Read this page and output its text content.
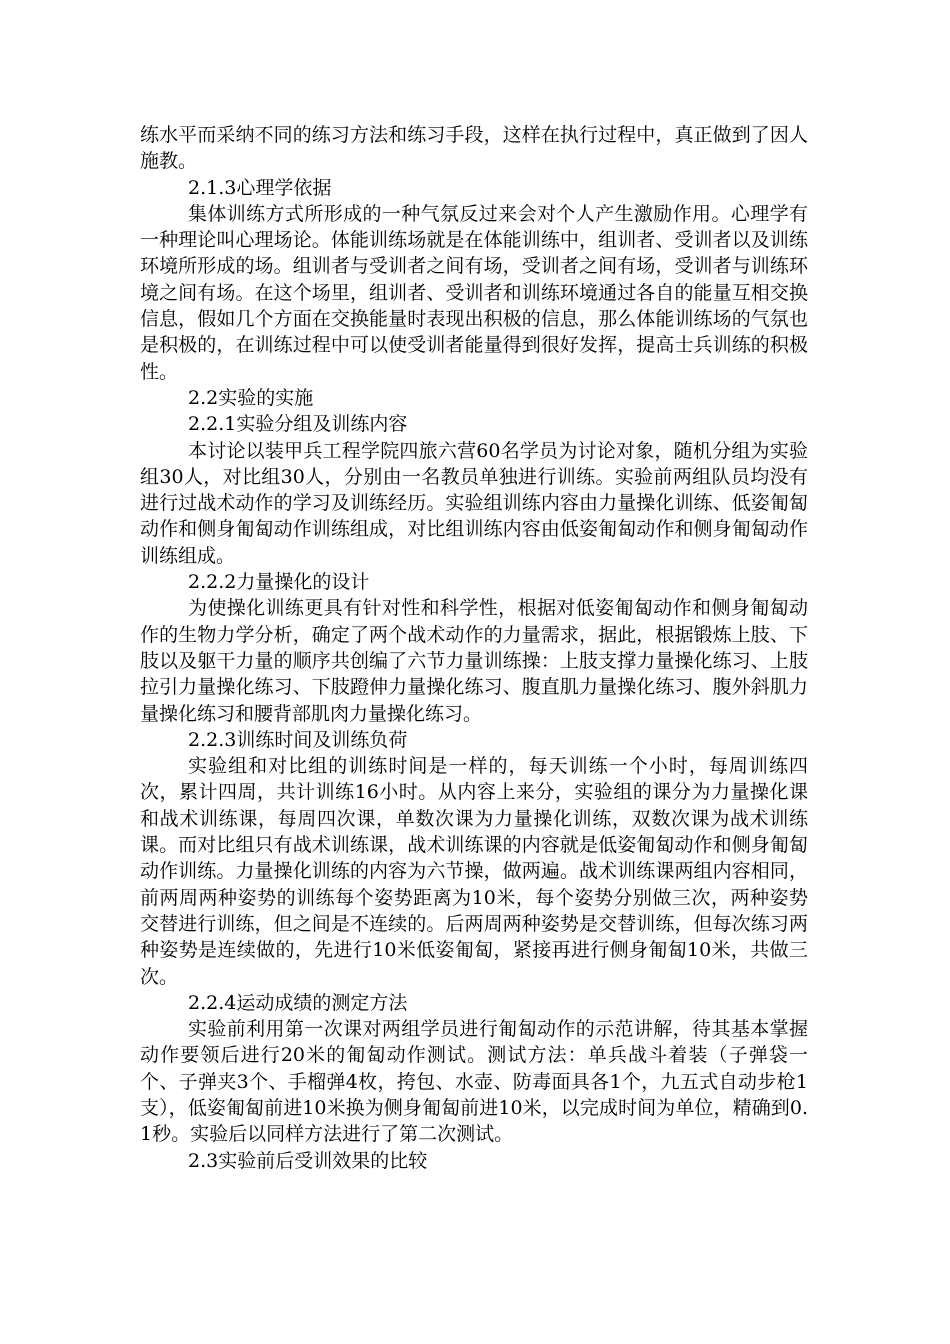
练水平而采纳不同的练习方法和练习手段，这样在执行过程中，真正做到了因人施教。

2.1.3心理学依据

集体训练方式所形成的一种气氛反过来会对个人产生激励作用。心理学有一种理论叫心理场论。体能训练场就是在体能训练中，组训者、受训者以及训练环境所形成的场。组训者与受训者之间有场，受训者之间有场，受训者与训练环境之间有场。在这个场里，组训者、受训者和训练环境通过各自的能量互相交换信息，假如几个方面在交换能量时表现出积极的信息，那么体能训练场的气氛也是积极的，在训练过程中可以使受训者能量得到很好发挥，提高士兵训练的积极性。

2.2实验的实施

2.2.1实验分组及训练内容

本讨论以装甲兵工程学院四旅六营60名学员为讨论对象，随机分组为实验组30人，对比组30人，分别由一名教员单独进行训练。实验前两组队员均没有进行过战术动作的学习及训练经历。实验组训练内容由力量操化训练、低姿匍匐动作和侧身匍匐动作训练组成，对比组训练内容由低姿匍匐动作和侧身匍匐动作训练组成。

2.2.2力量操化的设计

为使操化训练更具有针对性和科学性，根据对低姿匍匐动作和侧身匍匐动作的生物力学分析，确定了两个战术动作的力量需求，据此，根据锻炼上肢、下肢以及躯干力量的顺序共创编了六节力量训练操：上肢支撑力量操化练习、上肢拉引力量操化练习、下肢蹬伸力量操化练习、腹直肌力量操化练习、腹外斜肌力量操化练习和腰背部肌肉力量操化练习。

2.2.3训练时间及训练负荷

实验组和对比组的训练时间是一样的，每天训练一个小时，每周训练四次，累计四周，共计训练16小时。从内容上来分，实验组的课分为力量操化课和战术训练课，每周四次课，单数次课为力量操化训练，双数次课为战术训练课。而对比组只有战术训练课，战术训练课的内容就是低姿匍匐动作和侧身匍匐动作训练。力量操化训练的内容为六节操，做两遍。战术训练课两组内容相同，前两周两种姿势的训练每个姿势距离为10米，每个姿势分别做三次，两种姿势交替进行训练，但之间是不连续的。后两周两种姿势是交替训练，但每次练习两种姿势是连续做的，先进行10米低姿匍匐，紧接再进行侧身匍匐10米，共做三次。

2.2.4运动成绩的测定方法

实验前利用第一次课对两组学员进行匍匐动作的示范讲解，待其基本掌握动作要领后进行20米的匍匐动作测试。测试方法：单兵战斗着装（子弹袋一个、子弹夹3个、手榴弹4枚，挎包、水壶、防毒面具各1个，九五式自动步枪1支），低姿匍匐前进10米换为侧身匍匐前进10米，以完成时间为单位，精确到0.1秒。实验后以同样方法进行了第二次测试。

2.3实验前后受训效果的比较
